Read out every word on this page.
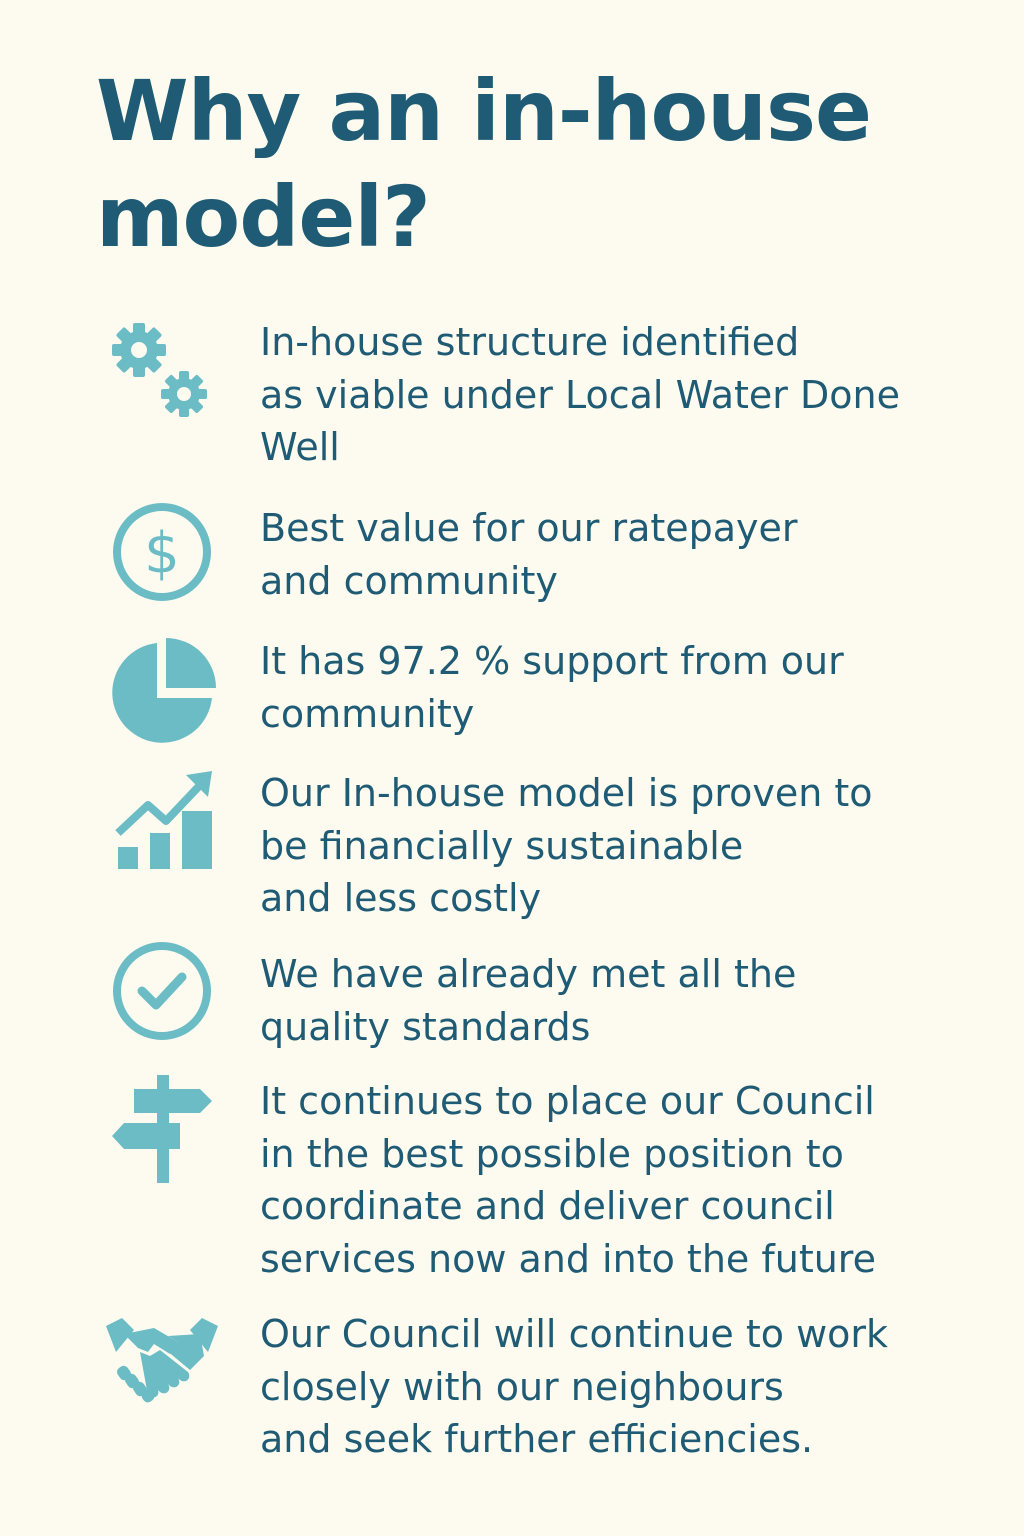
Why an in-house model?

In-house structure identified
as viable under Local Water Done
Well

$ Best value for our ratepayer
and community

It has 97.2 % support from our
community

Our In-house model is proven to
be financially sustainable
and less costly

We have already met all the
quality standards

It continues to place our Council
in the best possible position to
coordinate and deliver council
services now and into the future

Our Council will continue to work
closely with our neighbours
and seek further efficiencies.
